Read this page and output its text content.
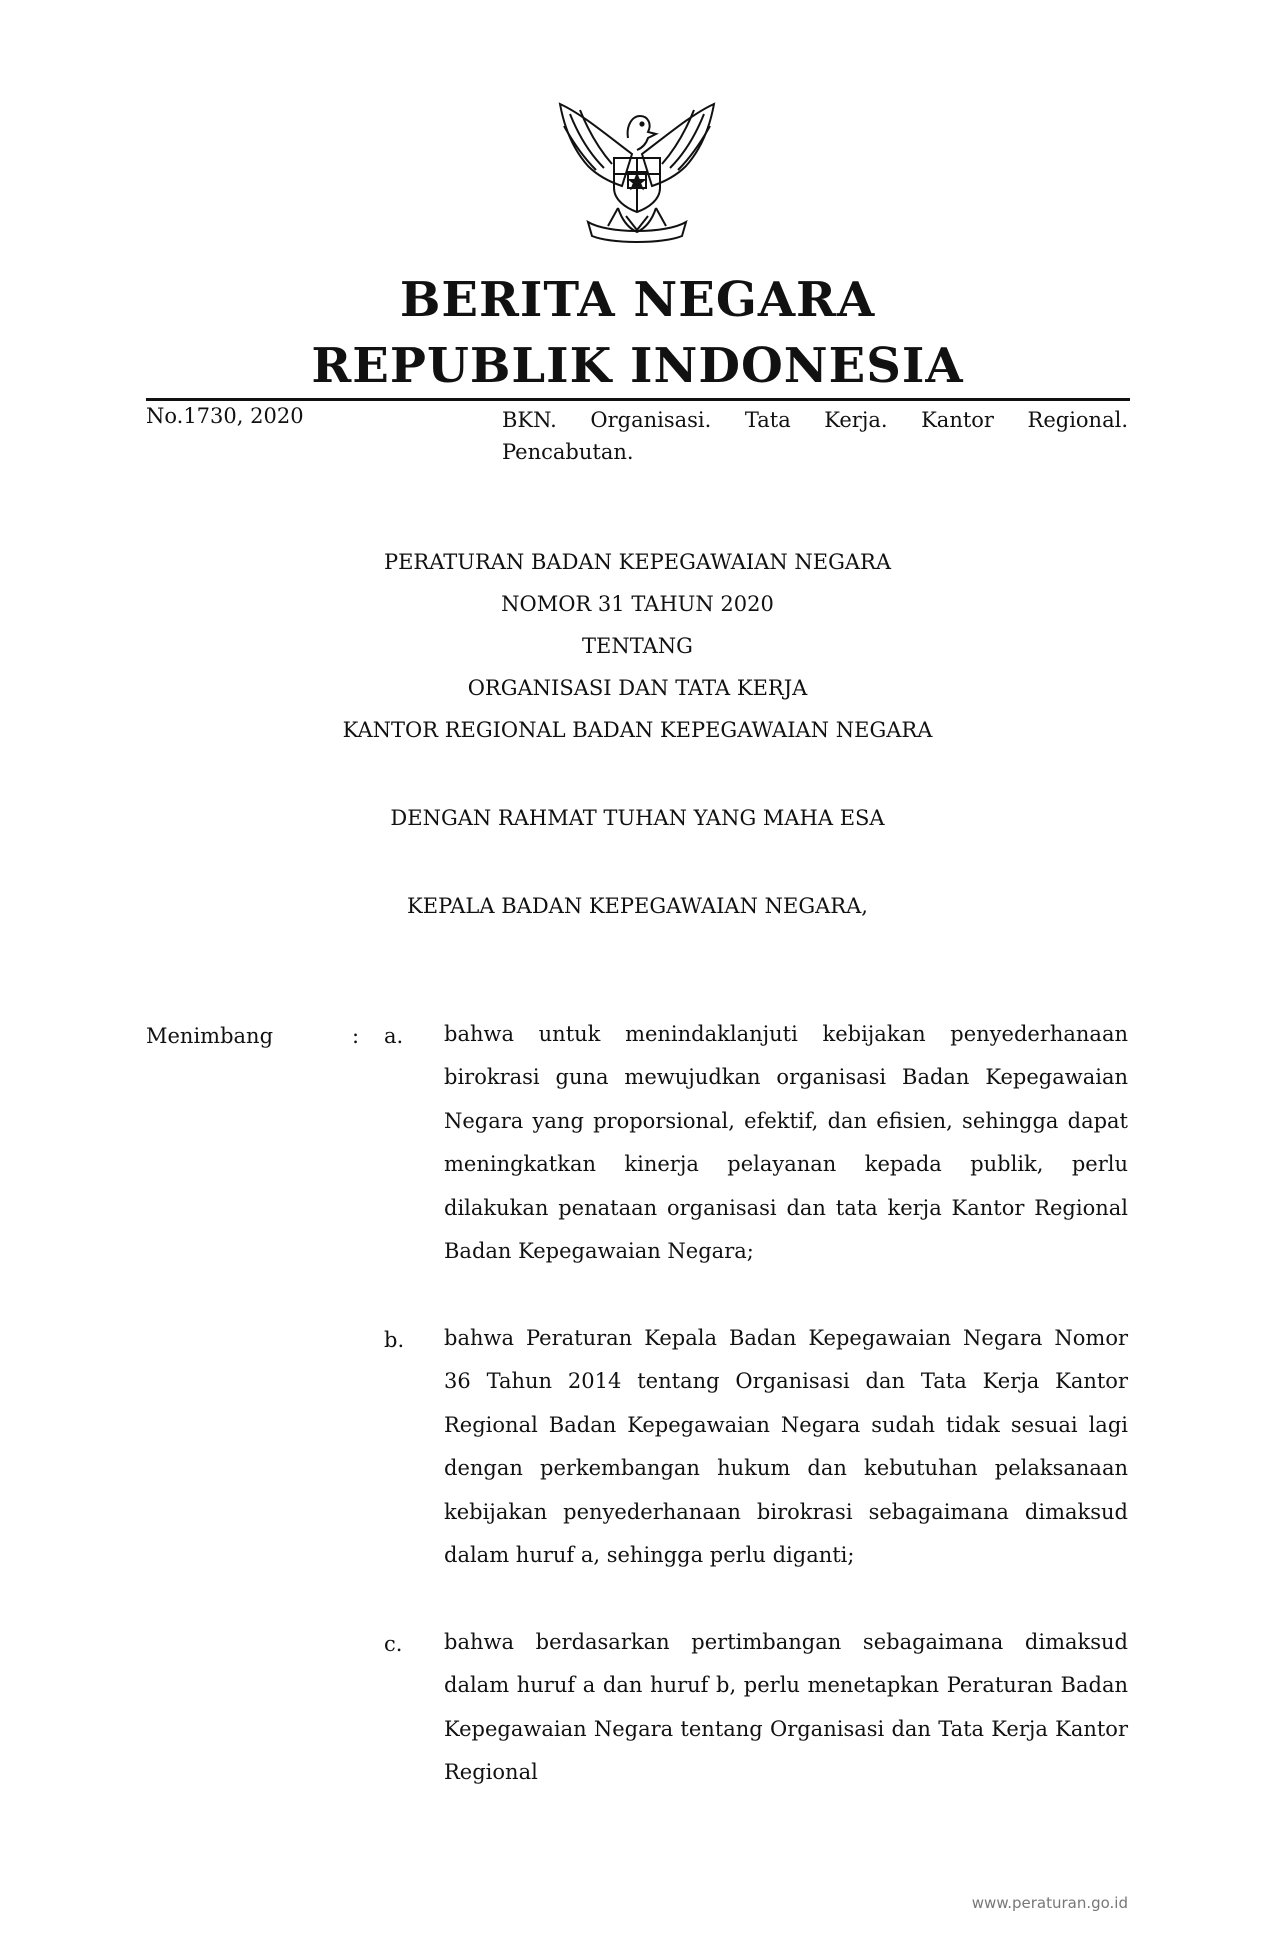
BERITA NEGARA
REPUBLIK INDONESIA
No.1730, 2020	BKN. Organisasi. Tata Kerja. Kantor Regional. Pencabutan.
PERATURAN BADAN KEPEGAWAIAN NEGARA
NOMOR 31 TAHUN 2020
TENTANG
ORGANISASI DAN TATA KERJA
KANTOR REGIONAL BADAN KEPEGAWAIAN NEGARA
DENGAN RAHMAT TUHAN YANG MAHA ESA
KEPALA BADAN KEPEGAWAIAN NEGARA,
Menimbang	: a. bahwa untuk menindaklanjuti kebijakan penyederhanaan birokrasi guna mewujudkan organisasi Badan Kepegawaian Negara yang proporsional, efektif, dan efisien, sehingga dapat meningkatkan kinerja pelayanan kepada publik, perlu dilakukan penataan organisasi dan tata kerja Kantor Regional Badan Kepegawaian Negara;
b. bahwa Peraturan Kepala Badan Kepegawaian Negara Nomor 36 Tahun 2014 tentang Organisasi dan Tata Kerja Kantor Regional Badan Kepegawaian Negara sudah tidak sesuai lagi dengan perkembangan hukum dan kebutuhan pelaksanaan kebijakan penyederhanaan birokrasi sebagaimana dimaksud dalam huruf a, sehingga perlu diganti;
c. bahwa berdasarkan pertimbangan sebagaimana dimaksud dalam huruf a dan huruf b, perlu menetapkan Peraturan Badan Kepegawaian Negara tentang Organisasi dan Tata Kerja Kantor Regional
www.peraturan.go.id
